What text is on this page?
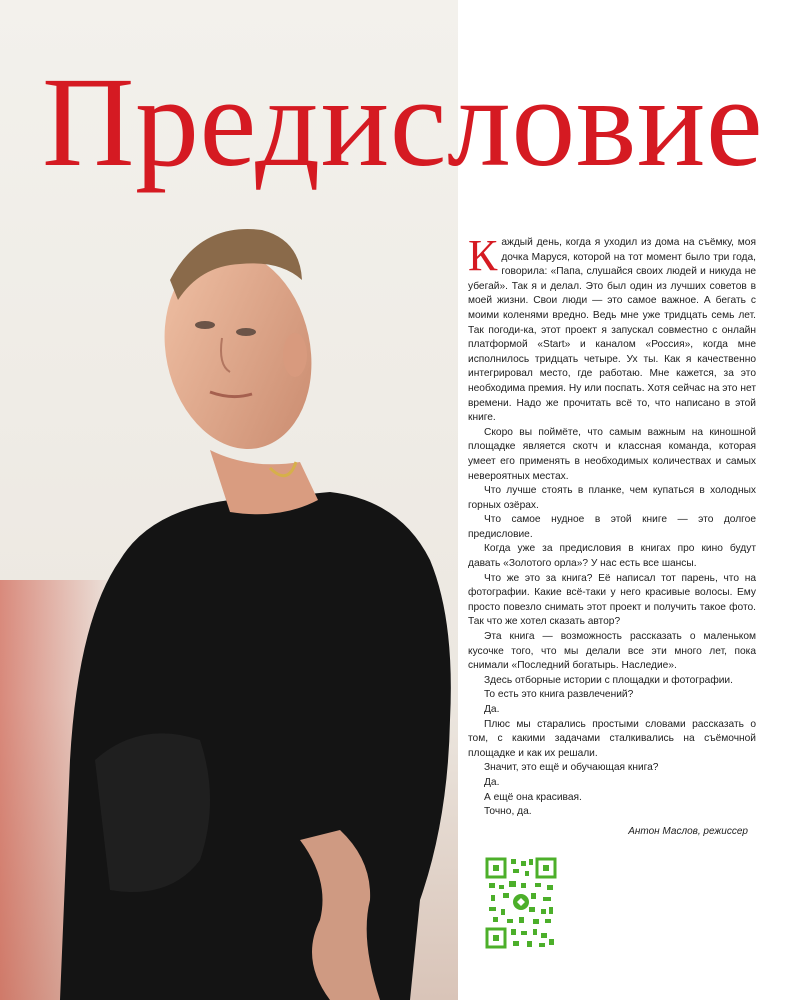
Предисловие

Каждый день, когда я уходил из дома на съёмку, моя дочка Маруся, которой на тот момент было три года, говорила: «Папа, слушайся своих людей и никуда не убегай». Так я и делал. Это был один из лучших советов в моей жизни. Свои люди — это самое важное. А бегать с моими коленями вредно. Ведь мне уже тридцать семь лет. Так погоди-ка, этот проект я запускал совместно с онлайн платформой «Start» и каналом «Россия», когда мне исполнилось тридцать четыре. Ух ты. Как я качественно интегрировал место, где работаю. Мне кажется, за это необходима премия. Ну или поспать. Хотя сейчас на это нет времени. Надо же прочитать всё то, что написано в этой книге.

Скоро вы поймёте, что самым важным на киношной площадке является скотч и классная команда, которая умеет его применять в необходимых количествах и самых невероятных местах.

Что лучше стоять в планке, чем купаться в холодных горных озёрах.

Что самое нудное в этой книге — это долгое предисловие.

Когда уже за предисловия в книгах про кино будут давать «Золотого орла»? У нас есть все шансы.

Что же это за книга? Её написал тот парень, что на фотографии. Какие всё-таки у него красивые волосы. Ему просто повезло снимать этот проект и получить такое фото. Так что же хотел сказать автор?

Эта книга — возможность рассказать о маленьком кусочке того, что мы делали все эти много лет, пока снимали «Последний богатырь. Наследие».

Здесь отборные истории с площадки и фотографии.

То есть это книга развлечений?

Да.

Плюс мы старались простыми словами рассказать о том, с какими задачами сталкивались на съёмочной площадке и как их решали.

Значит, это ещё и обучающая книга?

Да.

А ещё она красивая.

Точно, да.

Антон Маслов, режиссер
